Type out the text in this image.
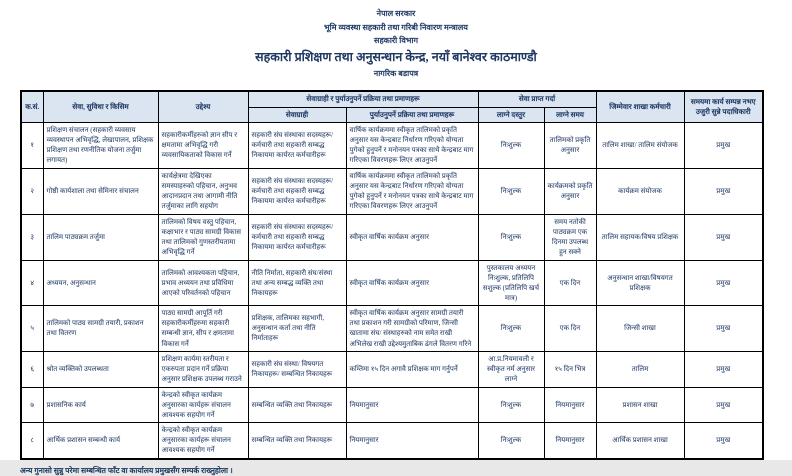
नेपाल सरकार
भूमि व्यवस्था सहकारी तथा गरिबी निवारण मन्त्रालय
सहकारी विभाग
सहकारी प्रशिक्षण तथा अनुसन्धान केन्द्र, नयाँ बानेश्वर काठमाण्डौ
नागरिक बडापत्र
क.सं.	सेवा, सुविधा र किसिम	उद्देश्य	सेवाग्राही र पुर्याउनुपर्ने प्रक्रिया तथा प्रमाणहरू		सेवा प्राप्त गर्दा		जिम्मेवार शाखा कर्मचारी	समयमा कार्य सम्पन्न नभए उजुरी सुन्ने पदाधिकारी
			सेवाग्राही	पुर्याउनुपर्ने प्रक्रिया तथा प्रमाणहरू	लाग्ने दस्तुर	लाग्ने समय		
१	प्रशिक्षण संचालन (सहकारी व्यवसाय व्यवस्थापन अभिवृद्धि, लेखापालन, प्रशिक्षक प्रशिक्षण तथा रणनीतिक योजना तर्जुमा लगायत)	सहकारीकर्मीहरुको ज्ञान सीप र क्षमतामा अभिवृद्धि गरी व्यवसायिकताको विकास गर्ने	सहकारी संघ संस्थाका सदस्यहरू/ कर्मचारी तथा सहकारी सम्बद्ध निकायमा कार्यरत कर्मचारीहरू	वार्षिक कार्यक्रममा स्वीकृत तालिमको प्रकृति अनुसार यस केन्द्रबाट निर्धारण गरिएको योग्यता पुगेको हुनुपर्ने र मनोनयन पत्रका साथै केन्द्रबाट माग गरिएका विवरणहरू लिएर आउनुपर्ने	निःशुल्क	तालिमको प्रकृति अनुसार	तालिम शाखा/ तालिम संयोजक	प्रमुख
२	गोष्ठी कार्यशाला तथा सेमिनार संचालन	कार्यक्षेत्रमा देखिएका समस्याहरुको पहिचान, अनुभव आदानप्रदान तथा आगामी नीति तर्जुमाका लागि सहयोग	सहकारी संघ संस्थाका सदस्यहरू/ कर्मचारी तथा सहकारी सम्बद्ध निकायमा कार्यरत कर्मचारीहरू	वार्षिक कार्यक्रममा स्वीकृत तालिमको प्रकृति अनुसार यस केन्द्रबाट निर्धारण गरिएको योग्यता पुगेको हुनुपर्ने र मनोनयन पत्रका साथै केन्द्रबाट माग गरिएका विवरणहरू लिएर आउनुपर्ने	निःशुल्क	कार्यक्रमको प्रकृति अनुसार	कार्यक्रम संयोजक	प्रमुख
३	तालिम पाठ्यक्रम तर्जुमा	तालिमको विषय वस्तु पहिचान, कक्षाभार र पाठ्य सामग्री विकास तथा तालिमको गुणस्तरीयतामा अभिवृद्धि गर्ने	सहकारी संघ संस्थाका सदस्यहरू/ कर्मचारी तथा सहकारी सम्बद्ध निकायमा कार्यरत कर्मचारीहरू	स्वीकृत वार्षिक कार्यक्रम अनुसार	निःशुल्क	समय नतोकी पाठ्यक्रम एक दिनमा उपलब्ध हुन सक्ने	तालिम सहायक/विषय प्रशिक्षक	प्रमुख
४	अध्ययन, अनुसन्धान	तालिमको आवश्यकता पहिचान, प्रभाव अध्ययन तथा प्रविधिमा आएको परिवर्तनको पहिचान	नीति निर्माता, सहकारी संघ/संस्था तथा अन्य सम्बद्ध व्यक्ति तथा निकायहरू	स्वीकृत वार्षिक कार्यक्रम अनुसार	पुस्तकालय अध्ययन निःशुल्क, प्रतिलिपि सशुल्क (प्रतिलिपि खर्च मात्र)	एक दिन	अनुसन्धान शाखा/विषयगत प्रशिक्षक	प्रमुख
५	तालिमको पाठ्य सामग्री तयारी, प्रकाशन तथा वितरण	पाठ्य सामग्री आपूर्ति गरी सहकारीकर्मीहरुमा सहकारी सम्बन्धी ज्ञान, सीप र क्षमतामा विकास गर्ने	प्रशिक्षक, तालिमका सहभागी, अनुसन्धान कर्ता तथा नीति निर्माताहरू	स्वीकृत वार्षिक कार्यक्रम अनुसार सामग्री तयारी तथा प्रकाशन गरी सामग्रीको परिमाण, जिन्सी खातामा संघ/ संस्थाहरुको नाम समेत राखी अभिलेख राखी उद्देश्यमुताबिक ढंगले वितरण गरिने	निःशुल्क	एक दिन	जिन्सी शाखा	प्रमुख
६	श्रोत व्यक्तिको उपलब्धता	प्रशिक्षण कार्यमा स्तरीयता र एकरुपता प्रदान गर्ने प्रक्रिया अनुसार प्रशिक्षक उपलब्ध गराउने	सहकारी संघ संस्था/ विषयगत निकायहरू/ सम्बन्धित निकायहरू	कम्तिमा १५ दिन अगावै प्रशिक्षक माग गर्नुपर्ने	आ.प्र.नियमावली र स्वीकृत नर्म अनुसार लाग्ने	१५ दिन भित्र	तालिम	प्रमुख
७	प्रशासनिक कार्य	केन्द्रको स्वीकृत कार्यक्रम अनुसारका कार्यहरू संचालन आवश्यक सहयोग गर्ने	सम्बन्धित व्यक्ति तथा निकायहरू	नियमानुसार	निःशुल्क	नियमानुसार	प्रशासन शाखा	प्रमुख
८	आर्थिक प्रशासन सम्बन्धी कार्य	केन्द्रको स्वीकृत कार्यक्रम अनुसारका कार्यहरू संचालन आवश्यक सहयोग गर्ने	सम्बन्धित व्यक्ति तथा निकायहरू	नियमानुसार	निःशुल्क	नियमानुसार	आर्थिक प्रशासन शाखा	प्रमुख
अन्य गुनासो सुन्नु परेमा सम्बन्धित फाँट वा कार्यालय प्रमुखसँग सम्पर्क राख्नुहोला ।
